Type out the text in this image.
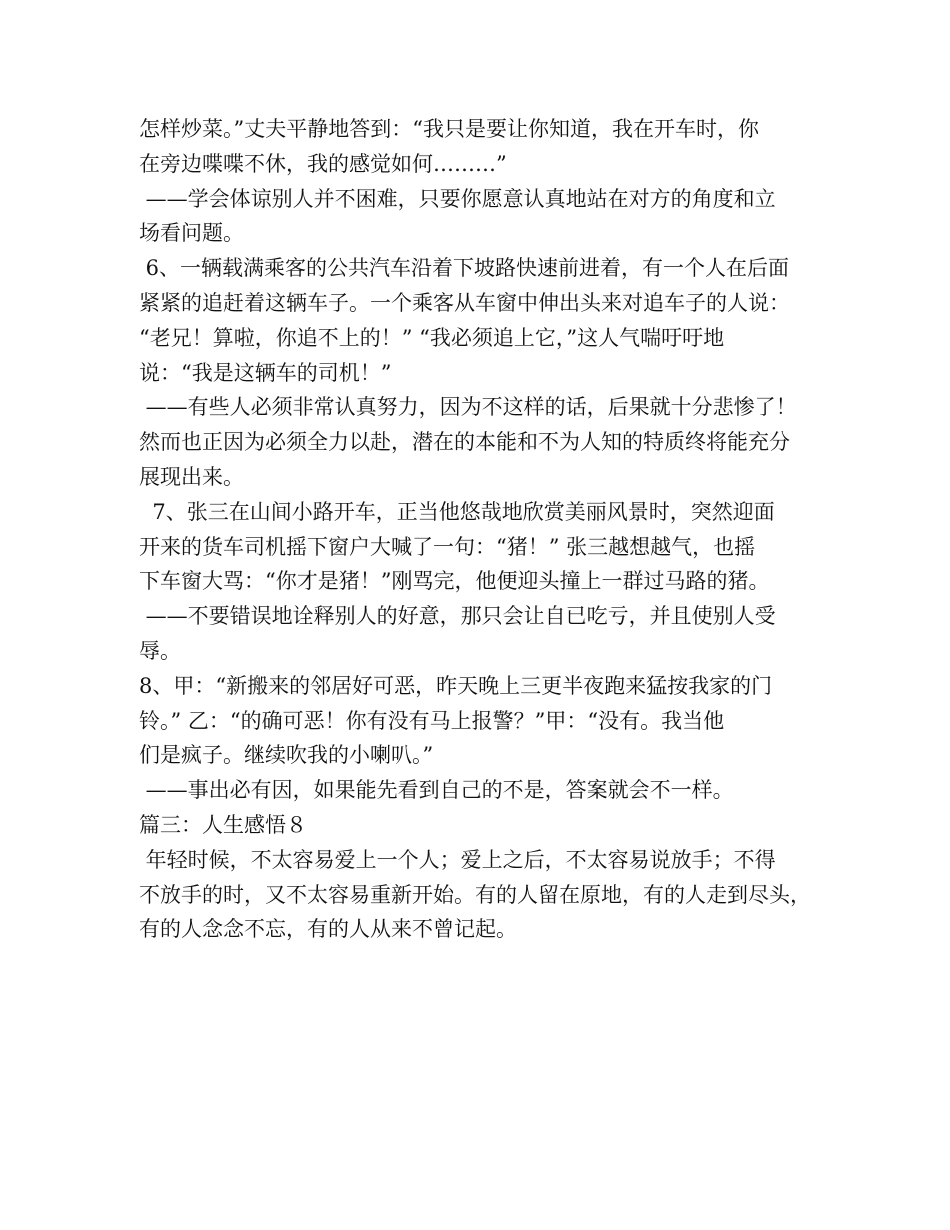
怎样炒菜。”丈夫平静地答到：“我只是要让你知道，我在开车时，你
在旁边喋喋不休，我的感觉如何………”
——学会体谅别人并不困难，只要你愿意认真地站在对方的角度和立
场看问题。
6、一辆载满乘客的公共汽车沿着下坡路快速前进着，有一个人在后面
紧紧的追赶着这辆车子。一个乘客从车窗中伸出头来对追车子的人说：
“老兄！算啦，你追不上的！” “我必须追上它，”这人气喘吁吁地
说：“我是这辆车的司机！”
——有些人必须非常认真努力，因为不这样的话，后果就十分悲惨了！
然而也正因为必须全力以赴，潜在的本能和不为人知的特质终将能充分
展现出来。
7、张三在山间小路开车，正当他悠哉地欣赏美丽风景时，突然迎面
开来的货车司机摇下窗户大喊了一句：“猪！” 张三越想越气，也摇
下车窗大骂：“你才是猪！”刚骂完，他便迎头撞上一群过马路的猪。
——不要错误地诠释别人的好意，那只会让自已吃亏，并且使别人受
辱。
8、甲：“新搬来的邻居好可恶，昨天晚上三更半夜跑来猛按我家的门
铃。” 乙：“的确可恶！你有没有马上报警？”甲：“没有。我当他
们是疯子。继续吹我的小喇叭。”
——事出必有因，如果能先看到自己的不是，答案就会不一样。
篇三：人生感悟８
年轻时候，不太容易爱上一个人；爱上之后，不太容易说放手；不得
不放手的时，又不太容易重新开始。有的人留在原地，有的人走到尽头，
有的人念念不忘，有的人从来不曾记起。
